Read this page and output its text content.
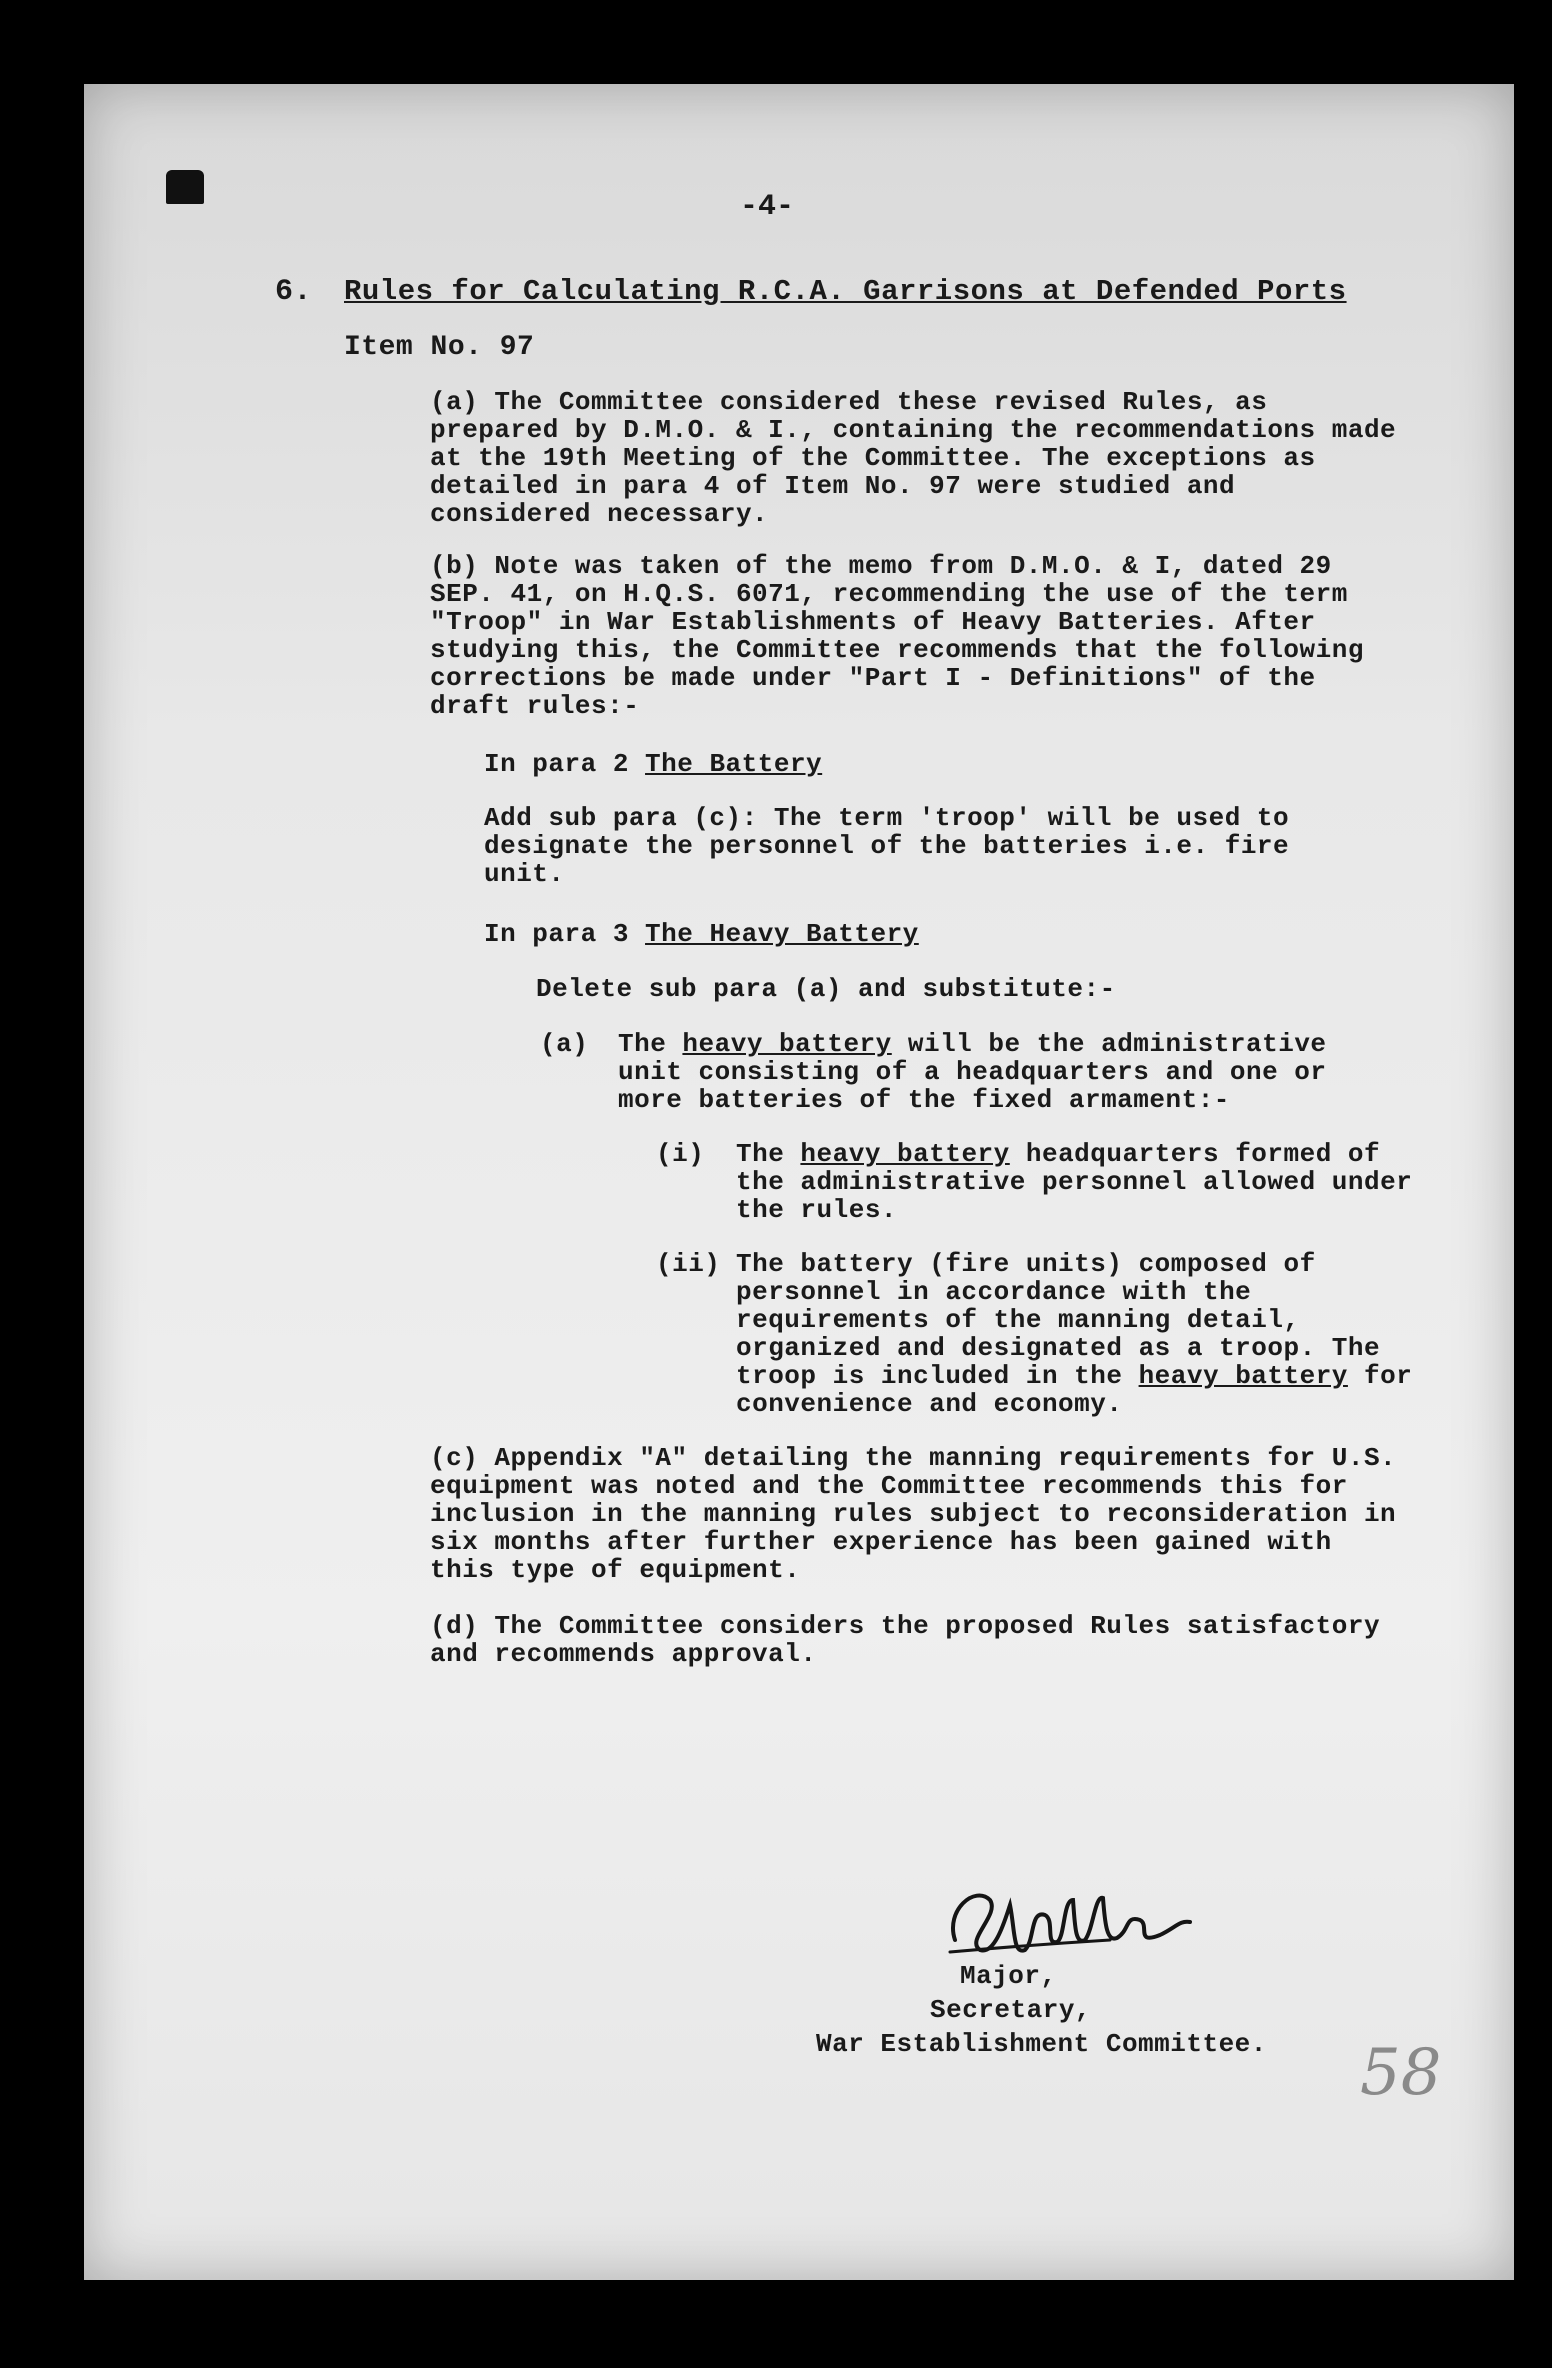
-4-
6. Rules for Calculating R.C.A. Garrisons at Defended Ports
Item No. 97
(a) The Committee considered these revised Rules, as prepared by D.M.O. & I., containing the recommendations made at the 19th Meeting of the Committee. The exceptions as detailed in para 4 of Item No. 97 were studied and considered necessary.
(b) Note was taken of the memo from D.M.O. & I, dated 29 SEP. 41, on H.Q.S. 6071, recommending the use of the term "Troop" in War Establishments of Heavy Batteries. After studying this, the Committee recommends that the following corrections be made under "Part I - Definitions" of the draft rules:-
In para 2 The Battery
Add sub para (c): The term 'troop' will be used to designate the personnel of the batteries i.e. fire unit.
In para 3 The Heavy Battery
Delete sub para (a) and substitute:-
(a) The heavy battery will be the administrative unit consisting of a headquarters and one or more batteries of the fixed armament:-
(i) The heavy battery headquarters formed of the administrative personnel allowed under the rules.
(ii) The battery (fire units) composed of personnel in accordance with the requirements of the manning detail, organized and designated as a troop. The troop is included in the heavy battery for convenience and economy.
(c) Appendix "A" detailing the manning requirements for U.S. equipment was noted and the Committee recommends this for inclusion in the manning rules subject to reconsideration in six months after further experience has been gained with this type of equipment.
(d) The Committee considers the proposed Rules satisfactory and recommends approval.
Major,
Secretary,
War Establishment Committee. 58
